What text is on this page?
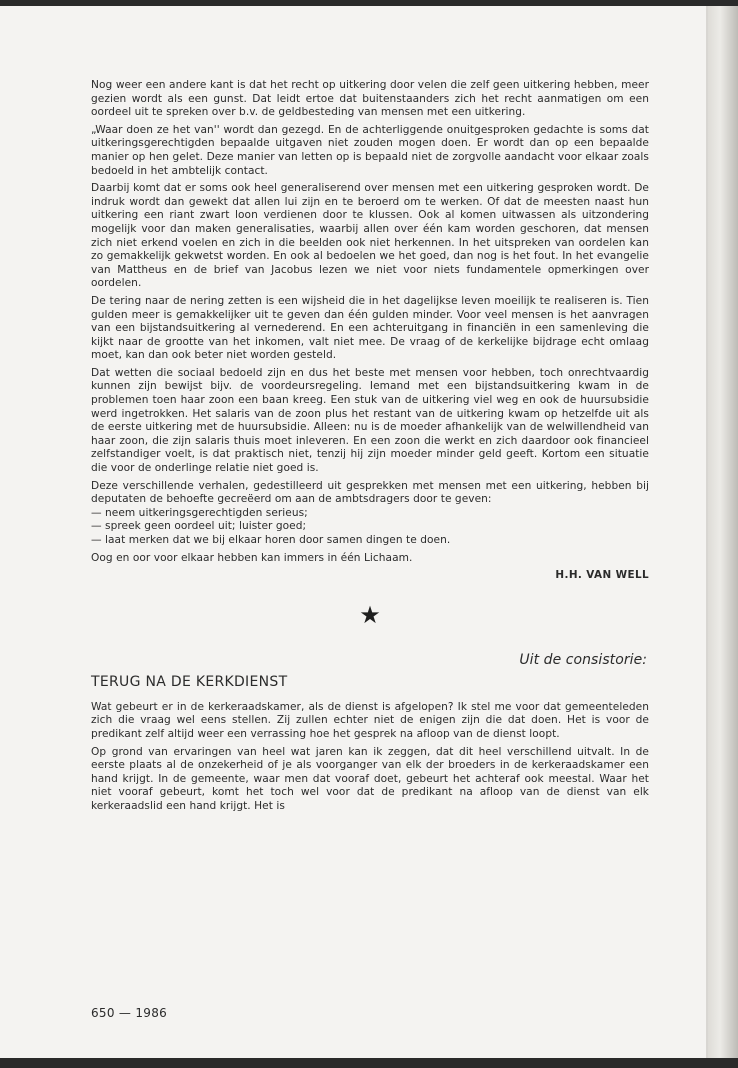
Nog weer een andere kant is dat het recht op uitkering door velen die zelf geen uitkering hebben, meer gezien wordt als een gunst. Dat leidt ertoe dat buitenstaanders zich het recht aanmatigen om een oordeel uit te spreken over b.v. de geldbesteding van mensen met een uitkering.

„Waar doen ze het van'' wordt dan gezegd. En de achterliggende onuitgesproken gedachte is soms dat uitkeringsgerechtigden bepaalde uitgaven niet zouden mogen doen. Er wordt dan op een bepaalde manier op hen gelet. Deze manier van letten op is bepaald niet de zorgvolle aandacht voor elkaar zoals bedoeld in het ambtelijk contact.

Daarbij komt dat er soms ook heel generaliserend over mensen met een uitkering gesproken wordt. De indruk wordt dan gewekt dat allen lui zijn en te beroerd om te werken. Of dat de meesten naast hun uitkering een riant zwart loon verdienen door te klussen. Ook al komen uitwassen als uitzondering mogelijk voor dan maken generalisaties, waarbij allen over één kam worden geschoren, dat mensen zich niet erkend voelen en zich in die beelden ook niet herkennen. In het uitspreken van oordelen kan zo gemakkelijk gekwetst worden. En ook al bedoelen we het goed, dan nog is het fout. In het evangelie van Mattheus en de brief van Jacobus lezen we niet voor niets fundamentele opmerkingen over oordelen.

De tering naar de nering zetten is een wijsheid die in het dagelijkse leven moeilijk te realiseren is. Tien gulden meer is gemakkelijker uit te geven dan één gulden minder. Voor veel mensen is het aanvragen van een bijstandsuitkering al vernederend. En een achteruitgang in financiën in een samenleving die kijkt naar de grootte van het inkomen, valt niet mee. De vraag of de kerkelijke bijdrage echt omlaag moet, kan dan ook beter niet worden gesteld.

Dat wetten die sociaal bedoeld zijn en dus het beste met mensen voor hebben, toch onrechtvaardig kunnen zijn bewijst bijv. de voordeursregeling. Iemand met een bijstandsuitkering kwam in de problemen toen haar zoon een baan kreeg. Een stuk van de uitkering viel weg en ook de huursubsidie werd ingetrokken. Het salaris van de zoon plus het restant van de uitkering kwam op hetzelfde uit als de eerste uitkering met de huursubsidie. Alleen: nu is de moeder afhankelijk van de welwillendheid van haar zoon, die zijn salaris thuis moet inleveren. En een zoon die werkt en zich daardoor ook financieel zelfstandiger voelt, is dat praktisch niet, tenzij hij zijn moeder minder geld geeft. Kortom een situatie die voor de onderlinge relatie niet goed is.

Deze verschillende verhalen, gedestilleerd uit gesprekken met mensen met een uitkering, hebben bij deputaten de behoefte gecreëerd om aan de ambtsdragers door te geven:

— neem uitkeringsgerechtigden serieus;
— spreek geen oordeel uit; luister goed;
— laat merken dat we bij elkaar horen door samen dingen te doen.

Oog en oor voor elkaar hebben kan immers in één Lichaam.

H.H. VAN WELL
★
Uit de consistorie:
TERUG NA DE KERKDIENST

Wat gebeurt er in de kerkeraadskamer, als de dienst is afgelopen? Ik stel me voor dat gemeenteleden zich die vraag wel eens stellen. Zij zullen echter niet de enigen zijn die dat doen. Het is voor de predikant zelf altijd weer een verrassing hoe het gesprek na afloop van de dienst loopt.

Op grond van ervaringen van heel wat jaren kan ik zeggen, dat dit heel verschillend uitvalt. In de eerste plaats al de onzekerheid of je als voorganger van elk der broeders in de kerkeraadskamer een hand krijgt. In de gemeente, waar men dat vooraf doet, gebeurt het achteraf ook meestal. Waar het niet vooraf gebeurt, komt het toch wel voor dat de predikant na afloop van de dienst van elk kerkeraadslid een hand krijgt. Het is

650 — 1986
